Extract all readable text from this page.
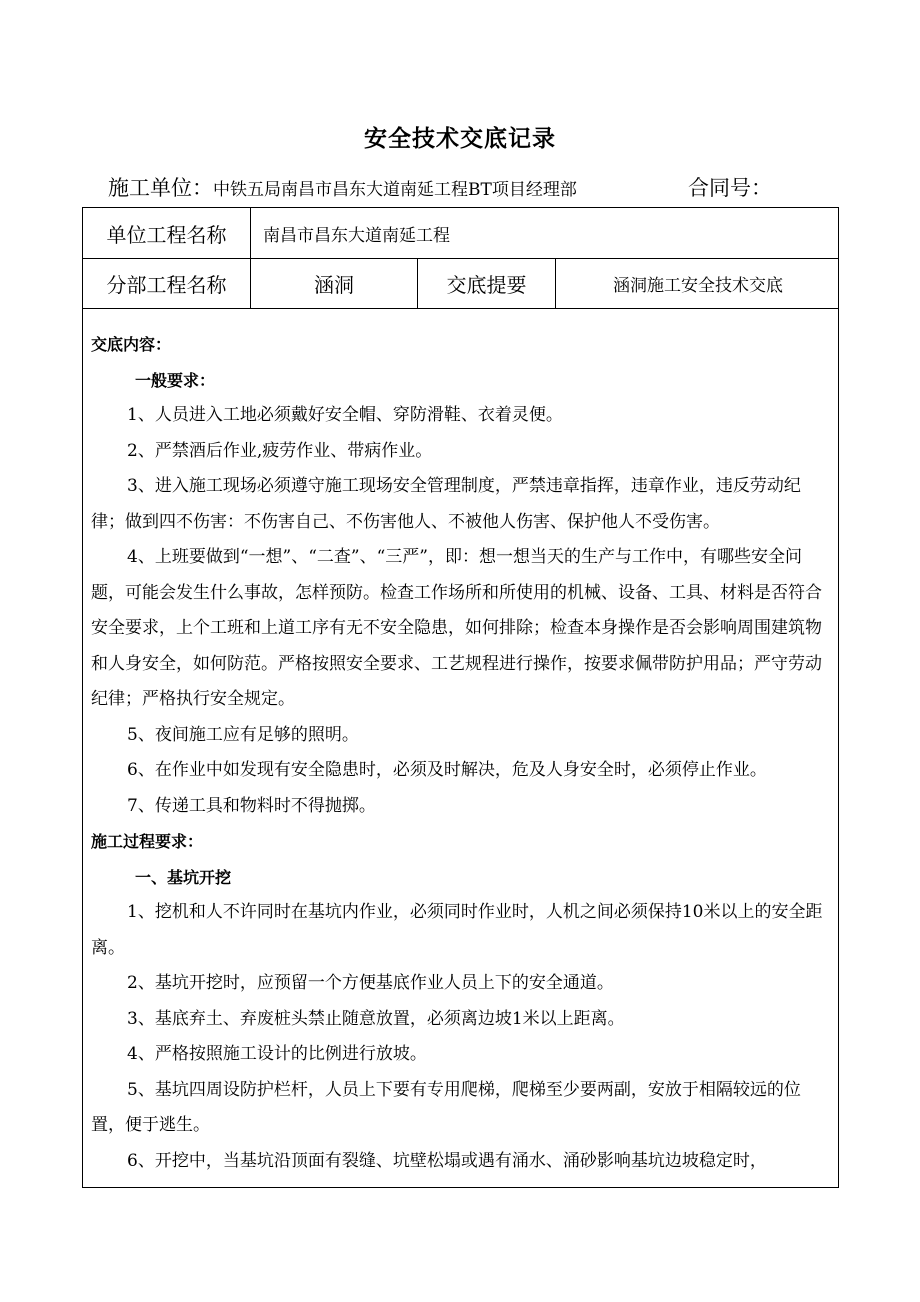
安全技术交底记录
施工单位：中铁五局南昌市昌东大道南延工程BT项目经理部	合同号：
单位工程名称	南昌市昌东大道南延工程
分部工程名称	涵洞	交底提要	涵洞施工安全技术交底

交底内容：

一般要求：

1、人员进入工地必须戴好安全帽、穿防滑鞋、衣着灵便。

2、严禁酒后作业,疲劳作业、带病作业。

3、进入施工现场必须遵守施工现场安全管理制度，严禁违章指挥，违章作业，违反劳动纪律；做到四不伤害：不伤害自己、不伤害他人、不被他人伤害、保护他人不受伤害。

4、上班要做到“一想”、“二查”、“三严”，即：想一想当天的生产与工作中，有哪些安全问题，可能会发生什么事故，怎样预防。检查工作场所和所使用的机械、设备、工具、材料是否符合安全要求，上个工班和上道工序有无不安全隐患，如何排除；检查本身操作是否会影响周围建筑物和人身安全，如何防范。严格按照安全要求、工艺规程进行操作，按要求佩带防护用品；严守劳动纪律；严格执行安全规定。

5、夜间施工应有足够的照明。

6、在作业中如发现有安全隐患时，必须及时解决，危及人身安全时，必须停止作业。

7、传递工具和物料时不得抛掷。

施工过程要求：

一、基坑开挖

1、挖机和人不许同时在基坑内作业，必须同时作业时，人机之间必须保持10米以上的安全距离。

2、基坑开挖时，应预留一个方便基底作业人员上下的安全通道。

3、基底弃土、弃废桩头禁止随意放置，必须离边坡1米以上距离。

4、严格按照施工设计的比例进行放坡。

5、基坑四周设防护栏杆，人员上下要有专用爬梯，爬梯至少要两副，安放于相隔较远的位置，便于逃生。

6、开挖中，当基坑沿顶面有裂缝、坑壁松塌或遇有涌水、涌砂影响基坑边坡稳定时，
